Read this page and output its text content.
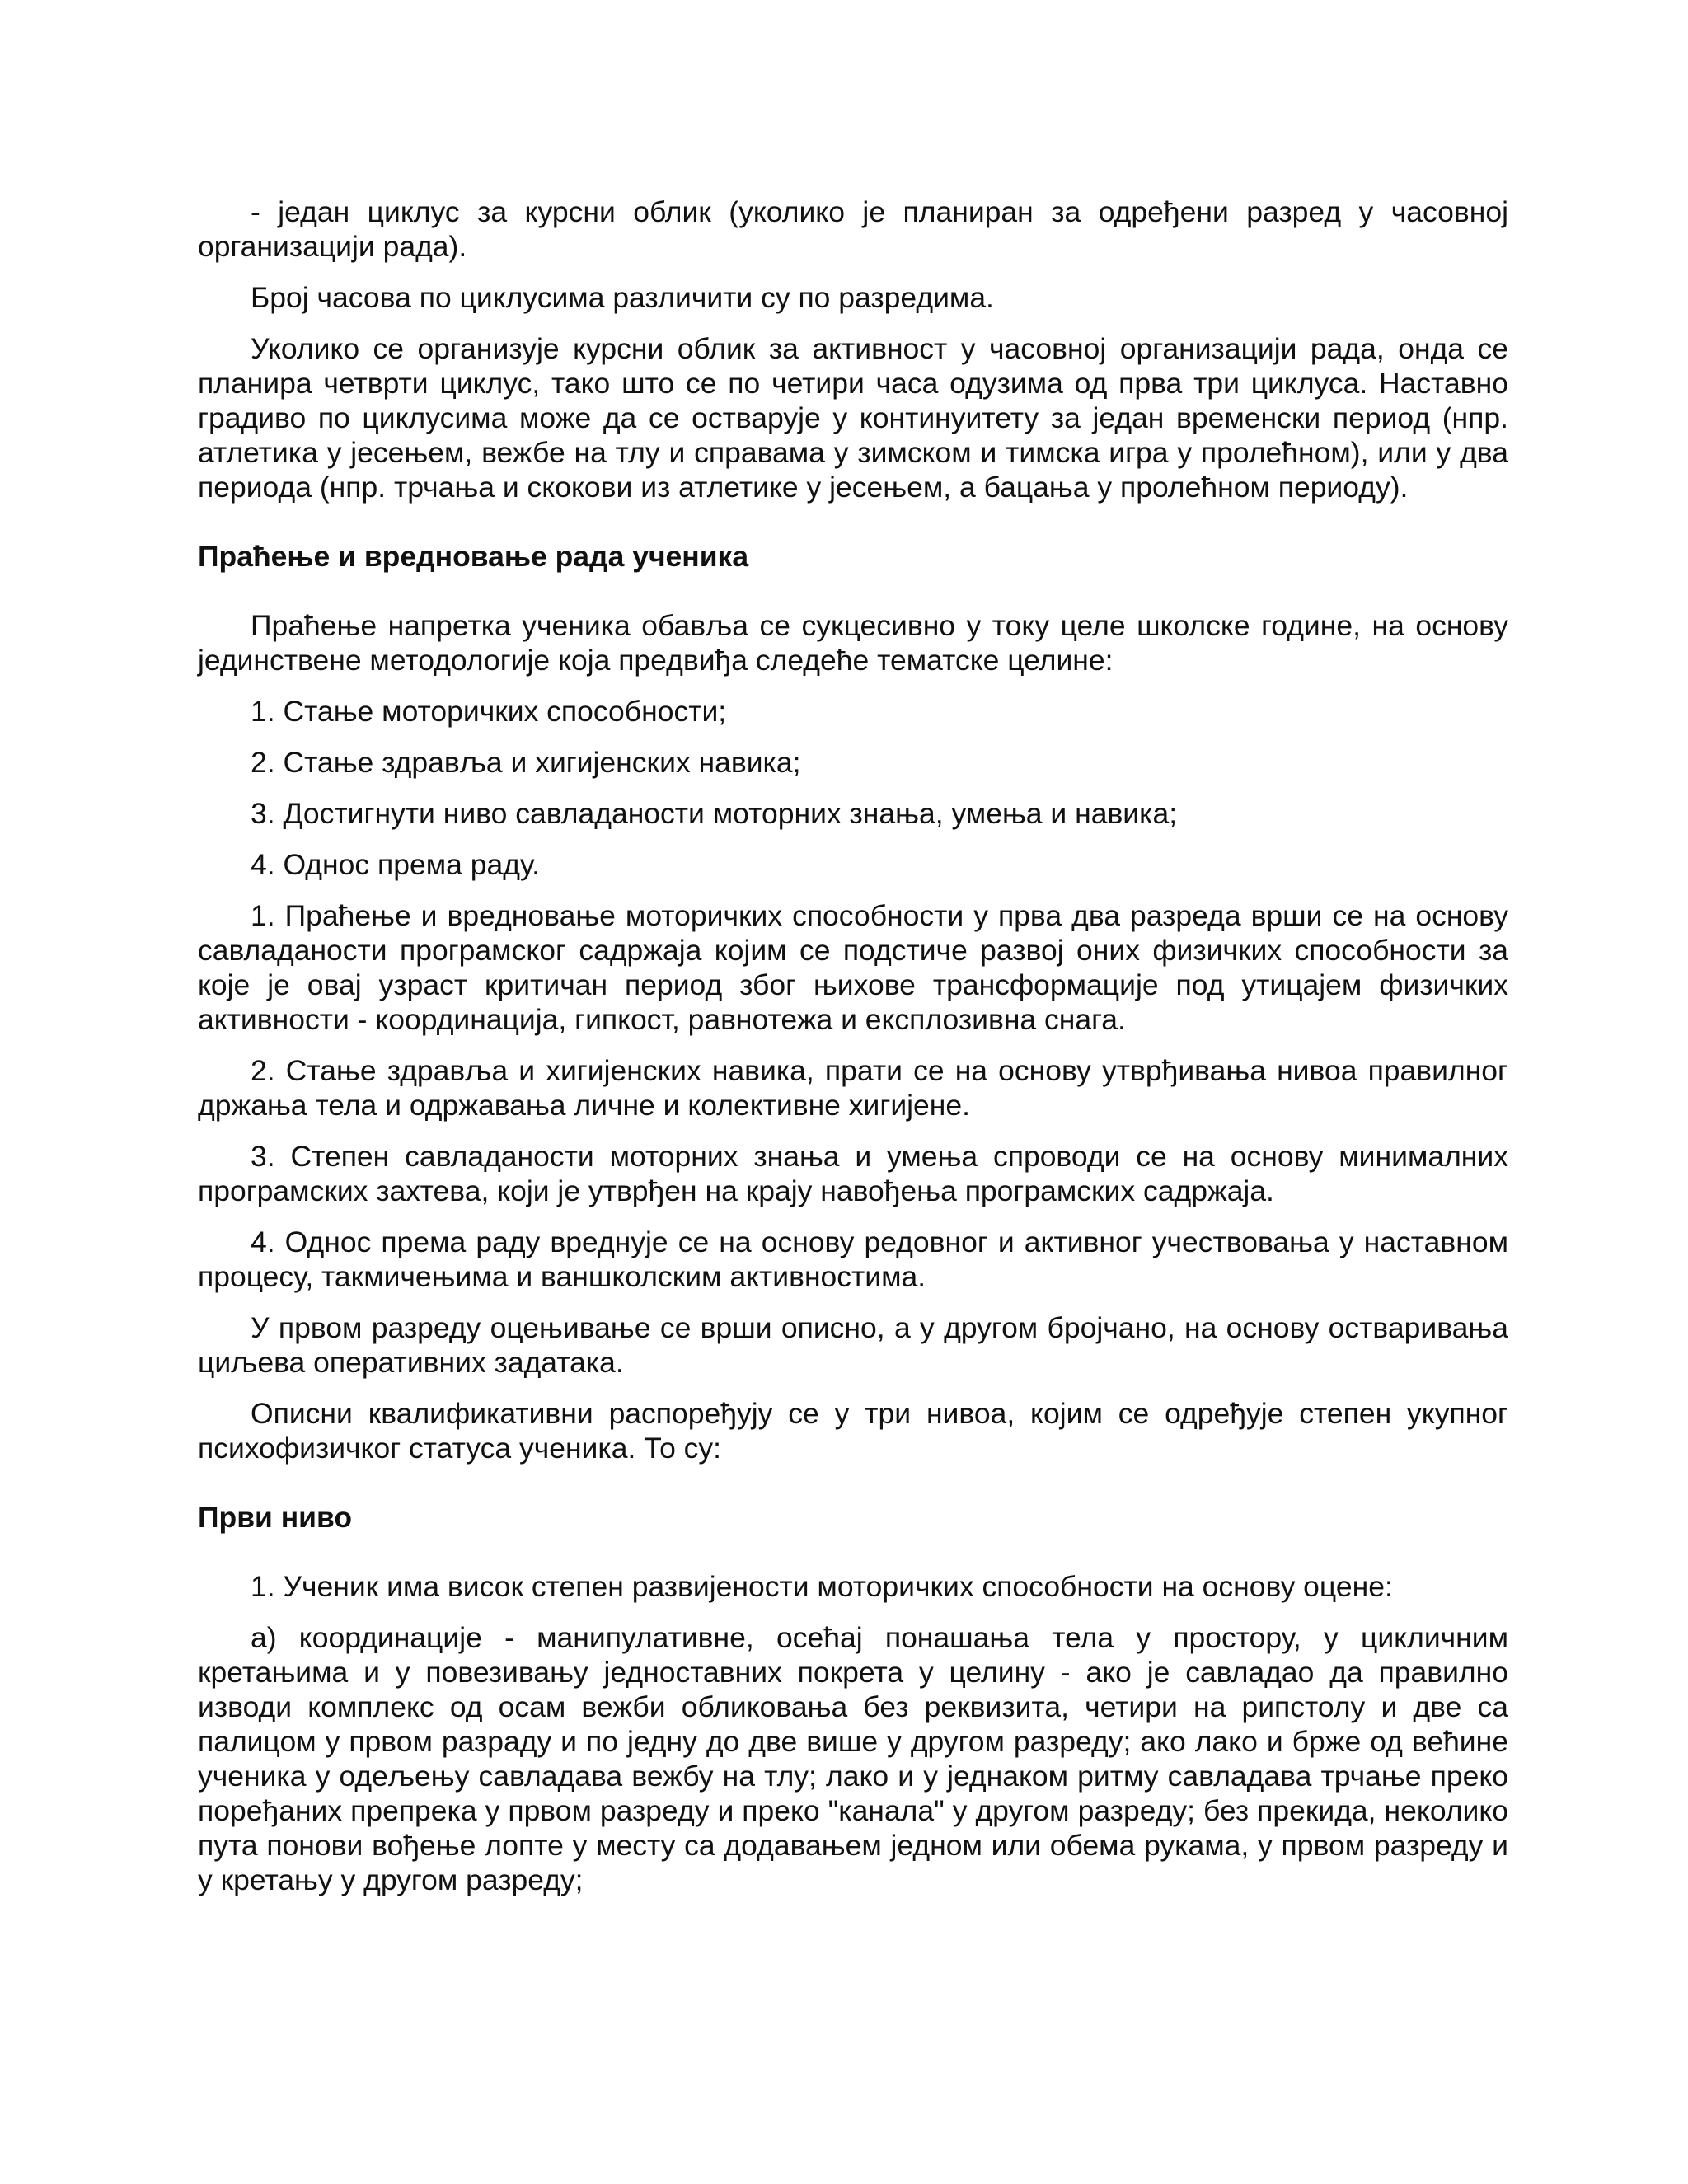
- један циклус за курсни облик (уколико је планиран за одређени разред у часовној организацији рада).

Број часова по циклусима различити су по разредима.

Уколико се организује курсни облик за активност у часовној организацији рада, онда се планира четврти циклус, тако што се по четири часа одузима од прва три циклуса. Наставно градиво по циклусима може да се остварује у континуитету за један временски период (нпр. атлетика у јесењем, вежбе на тлу и справама у зимском и тимска игра у пролећном), или у два периода (нпр. трчања и скокови из атлетике у јесењем, а бацања у пролећном периоду).

Праћење и вредновање рада ученика

Праћење напретка ученика обавља се сукцесивно у току целе школске године, на основу јединствене методологије која предвиђа следеће тематске целине:

1. Стање моторичких способности;
2. Стање здравља и хигијенских навика;
3. Достигнути ниво савладаности моторних знања, умења и навика;
4. Однос према раду.

1. Праћење и вредновање моторичких способности у прва два разреда врши се на основу савладаности програмског садржаја којим се подстиче развој оних физичких способности за које је овај узраст критичан период због њихове трансформације под утицајем физичких активности - координација, гипкост, равнотежа и експлозивна снага.

2. Стање здравља и хигијенских навика, прати се на основу утврђивања нивоа правилног држања тела и одржавања личне и колективне хигијене.

3. Степен савладаности моторних знања и умења спроводи се на основу минималних програмских захтева, који је утврђен на крају навођења програмских садржаја.

4. Однос према раду вреднује се на основу редовног и активног учествовања у наставном процесу, такмичењима и ваншколским активностима.

У првом разреду оцењивање се врши описно, а у другом бројчано, на основу остваривања циљева оперативних задатака.

Описни квалификативни распоређују се у три нивоа, којим се одређује степен укупног психофизичког статуса ученика. То су:

Први ниво

1. Ученик има висок степен развијености моторичких способности на основу оцене:

а) координације - манипулативне, осећај понашања тела у простору, у цикличним кретањима и у повезивању једноставних покрета у целину - ако је савладао да правилно изводи комплекс од осам вежби обликовања без реквизита, четири на рипстолу и две са палицом у првом разраду и по једну до две више у другом разреду; ако лако и брже од већине ученика у одељењу савладава вежбу на тлу; лако и у једнаком ритму савладава трчање преко поређаних препрека у првом разреду и преко "канала" у другом разреду; без прекида, неколико пута понови вођење лопте у месту са додавањем једном или обема рукама, у првом разреду и у кретању у другом разреду;
